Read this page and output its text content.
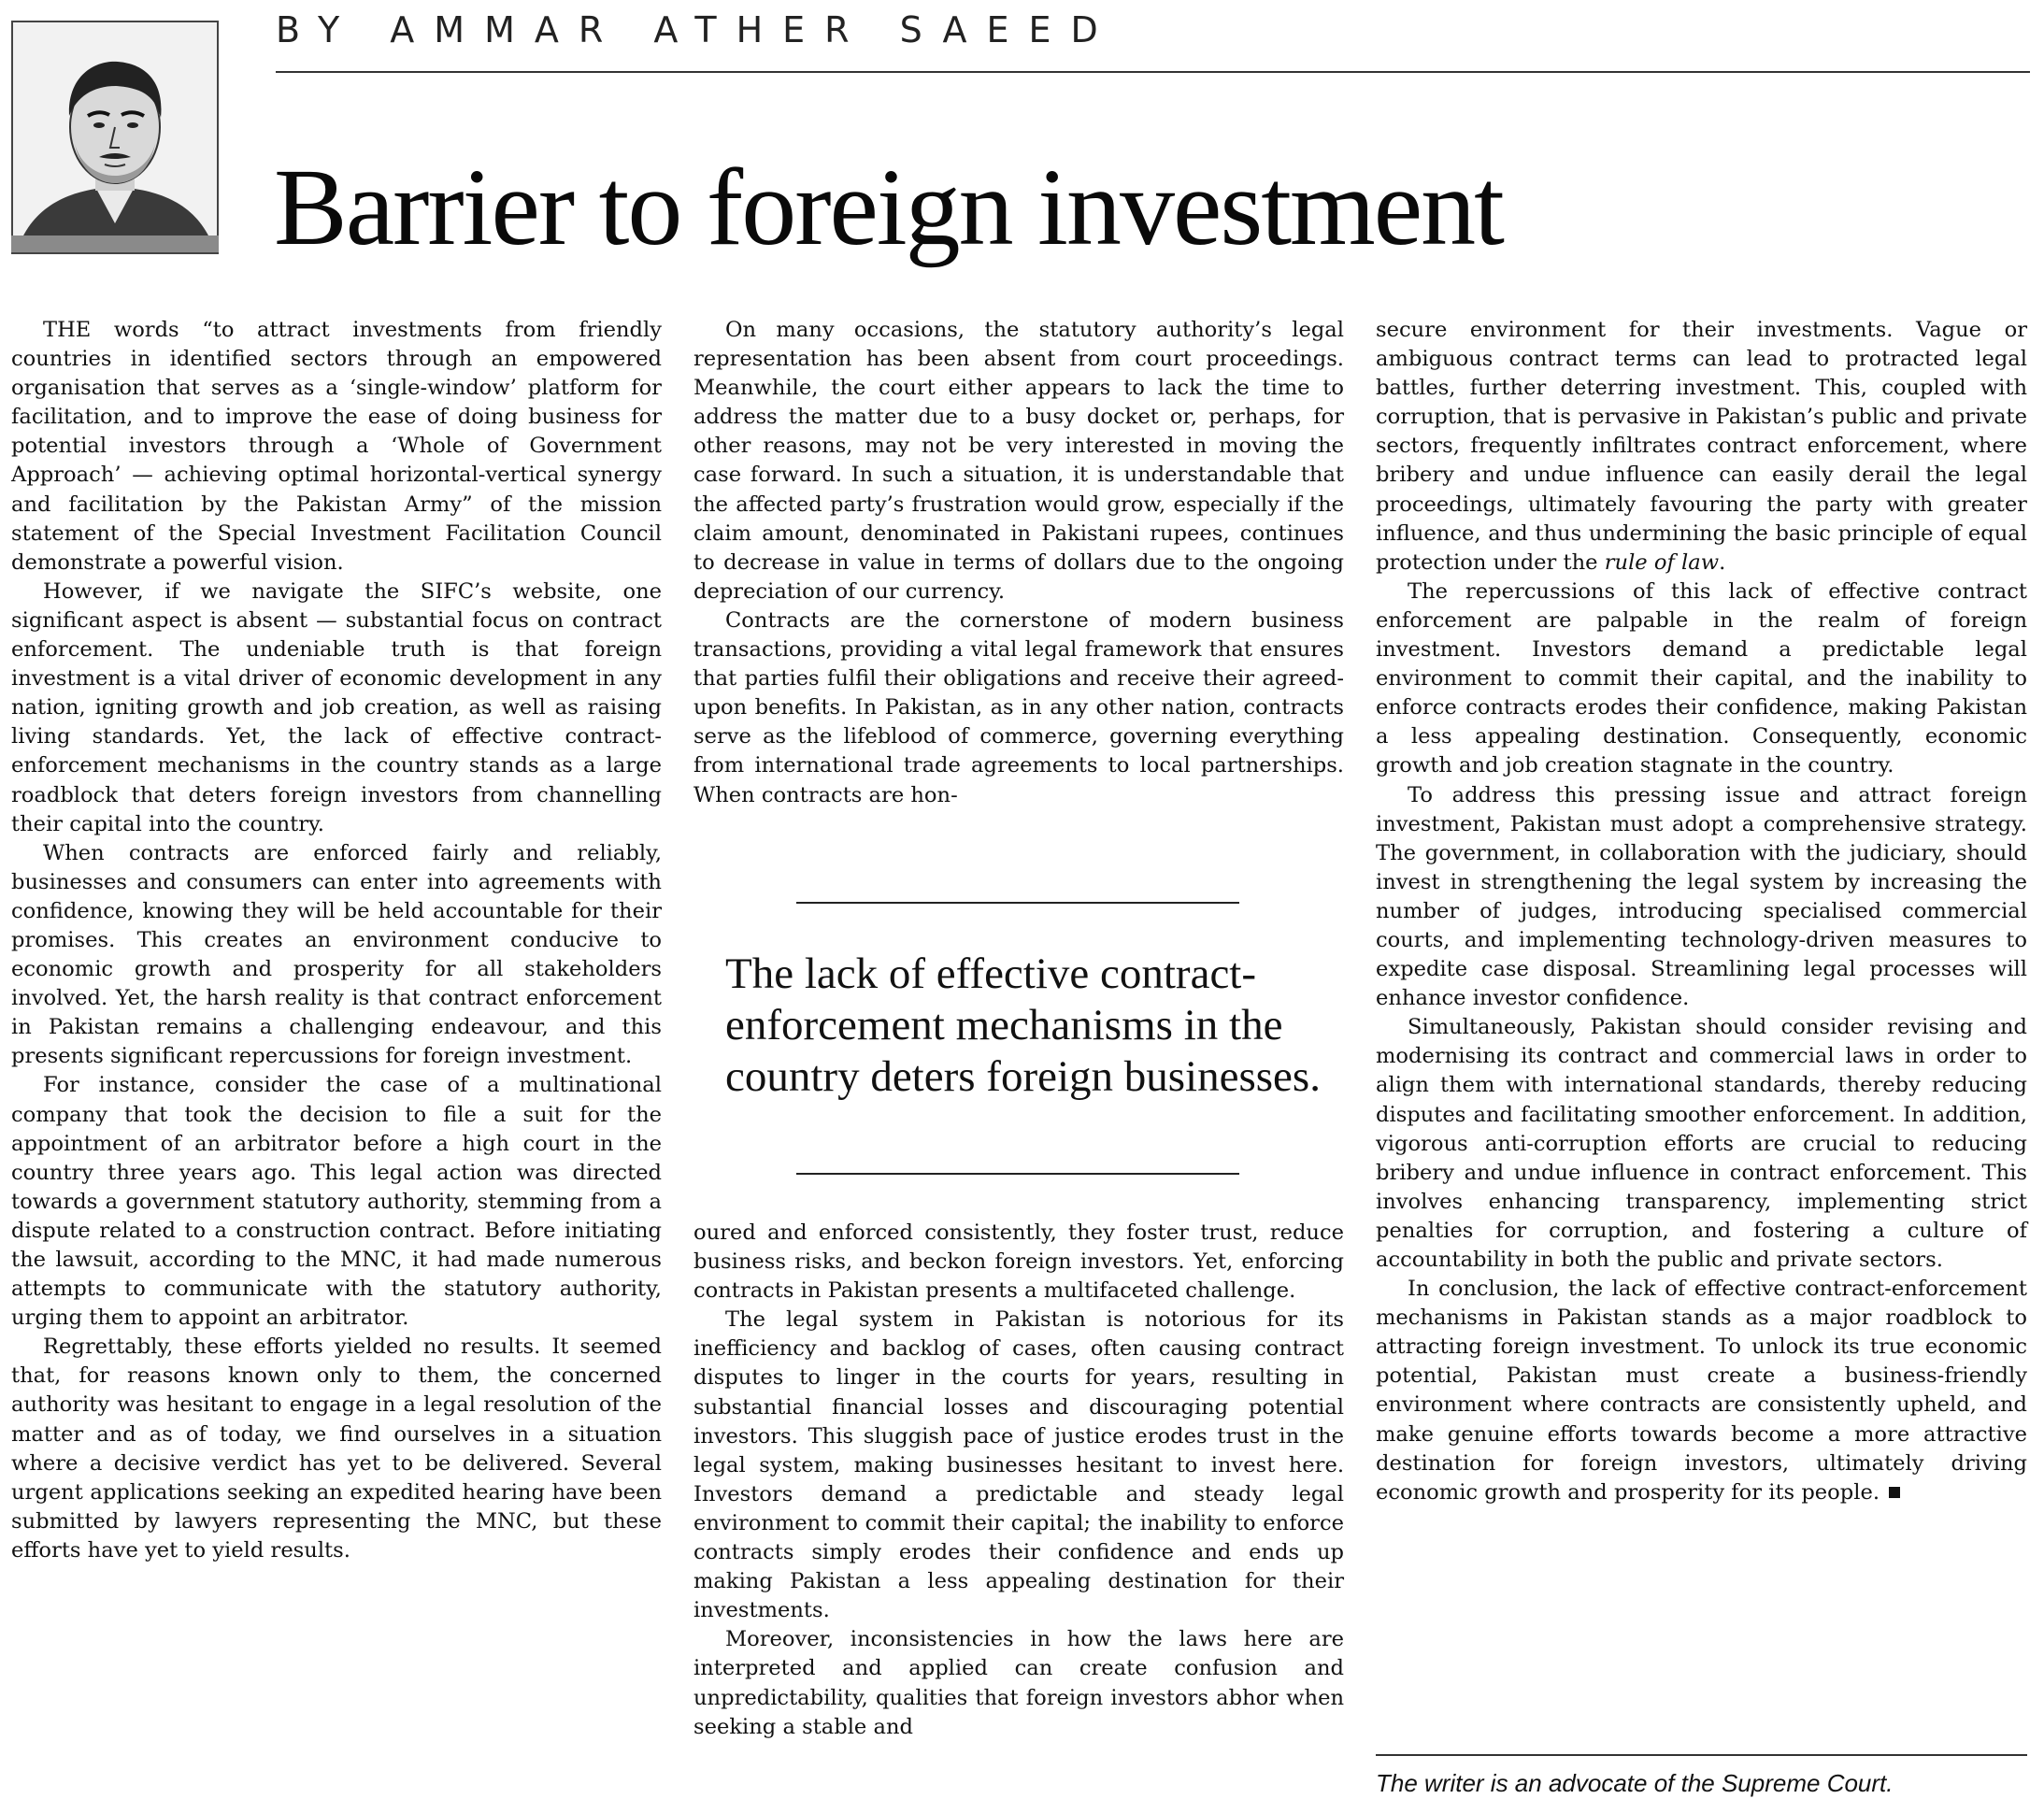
BY AMMAR ATHER SAEED
Barrier to foreign investment

THE words “to attract investments from friendly countries in identified sectors through an empowered organisation that serves as a ‘single-window’ platform for facilitation, and to improve the ease of doing business for potential investors through a ‘Whole of Government Approach’ — achieving optimal horizontal-vertical synergy and facilitation by the Pakistan Army” of the mission statement of the Special Investment Facilitation Council demonstrate a powerful vision.

However, if we navigate the SIFC’s website, one significant aspect is absent — substantial focus on contract enforcement. The undeniable truth is that foreign investment is a vital driver of economic development in any nation, igniting growth and job creation, as well as raising living standards. Yet, the lack of effective contract-enforcement mechanisms in the country stands as a large roadblock that deters foreign investors from channelling their capital into the country.

When contracts are enforced fairly and reliably, businesses and consumers can enter into agreements with confidence, knowing they will be held accountable for their promises. This creates an environment conducive to economic growth and prosperity for all stakeholders involved. Yet, the harsh reality is that contract enforcement in Pakistan remains a challenging endeavour, and this presents significant repercussions for foreign investment.

For instance, consider the case of a multinational company that took the decision to file a suit for the appointment of an arbitrator before a high court in the country three years ago. This legal action was directed towards a government statutory authority, stemming from a dispute related to a construction contract. Before initiating the lawsuit, according to the MNC, it had made numerous attempts to communicate with the statutory authority, urging them to appoint an arbitrator.

Regrettably, these efforts yielded no results. It seemed that, for reasons known only to them, the concerned authority was hesitant to engage in a legal resolution of the matter and as of today, we find ourselves in a situation where a decisive verdict has yet to be delivered. Several urgent applications seeking an expedited hearing have been submitted by lawyers representing the MNC, but these efforts have yet to yield results.

On many occasions, the statutory authority’s legal representation has been absent from court proceedings. Meanwhile, the court either appears to lack the time to address the matter due to a busy docket or, perhaps, for other reasons, may not be very interested in moving the case forward. In such a situation, it is understandable that the affected party’s frustration would grow, especially if the claim amount, denominated in Pakistani rupees, continues to decrease in value in terms of dollars due to the ongoing depreciation of our currency.

Contracts are the cornerstone of modern business transactions, providing a vital legal framework that ensures that parties fulfil their obligations and receive their agreed-upon benefits. In Pakistan, as in any other nation, contracts serve as the lifeblood of commerce, governing everything from international trade agreements to local partnerships. When contracts are hon-

The lack of effective contract-enforcement mechanisms in the country deters foreign businesses.

oured and enforced consistently, they foster trust, reduce business risks, and beckon foreign investors. Yet, enforcing contracts in Pakistan presents a multifaceted challenge.

The legal system in Pakistan is notorious for its inefficiency and backlog of cases, often causing contract disputes to linger in the courts for years, resulting in substantial financial losses and discouraging potential investors. This sluggish pace of justice erodes trust in the legal system, making businesses hesitant to invest here. Investors demand a predictable and steady legal environment to commit their capital; the inability to enforce contracts simply erodes their confidence and ends up making Pakistan a less appealing destination for their investments.

Moreover, inconsistencies in how the laws here are interpreted and applied can create confusion and unpredictability, qualities that foreign investors abhor when seeking a stable and

secure environment for their investments. Vague or ambiguous contract terms can lead to protracted legal battles, further deterring investment. This, coupled with corruption, that is pervasive in Pakistan’s public and private sectors, frequently infiltrates contract enforcement, where bribery and undue influence can easily derail the legal proceedings, ultimately favouring the party with greater influence, and thus undermining the basic principle of equal protection under the rule of law.

The repercussions of this lack of effective contract enforcement are palpable in the realm of foreign investment. Investors demand a predictable legal environment to commit their capital, and the inability to enforce contracts erodes their confidence, making Pakistan a less appealing destination. Consequently, economic growth and job creation stagnate in the country.

To address this pressing issue and attract foreign investment, Pakistan must adopt a comprehensive strategy. The government, in collaboration with the judiciary, should invest in strengthening the legal system by increasing the number of judges, introducing specialised commercial courts, and implementing technology-driven measures to expedite case disposal. Streamlining legal processes will enhance investor confidence.

Simultaneously, Pakistan should consider revising and modernising its contract and commercial laws in order to align them with international standards, thereby reducing disputes and facilitating smoother enforcement. In addition, vigorous anti-corruption efforts are crucial to reducing bribery and undue influence in contract enforcement. This involves enhancing transparency, implementing strict penalties for corruption, and fostering a culture of accountability in both the public and private sectors.

In conclusion, the lack of effective contract-enforcement mechanisms in Pakistan stands as a major roadblock to attracting foreign investment. To unlock its true economic potential, Pakistan must create a business-friendly environment where contracts are consistently upheld, and make genuine efforts towards become a more attractive destination for foreign investors, ultimately driving economic growth and prosperity for its people.

The writer is an advocate of the Supreme Court.
